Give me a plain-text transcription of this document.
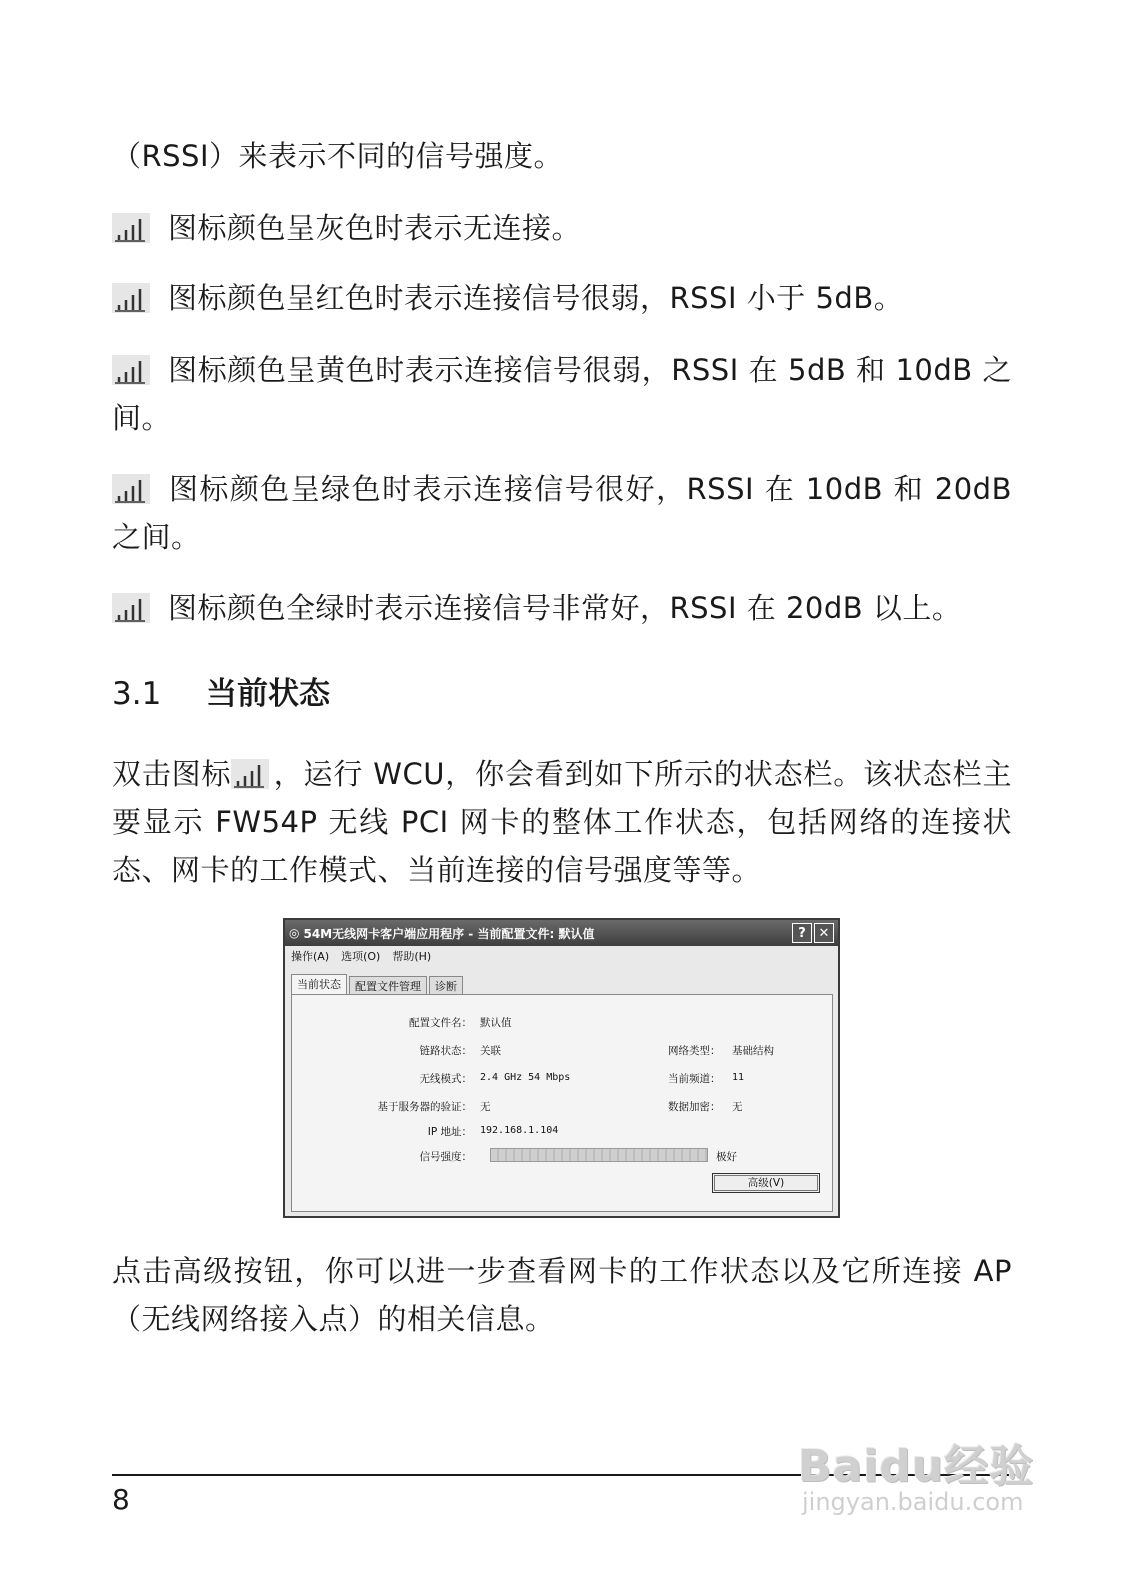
（RSSI）来表示不同的信号强度。

图标颜色呈灰色时表示无连接。

图标颜色呈红色时表示连接信号很弱，RSSI 小于 5dB。

图标颜色呈黄色时表示连接信号很弱，RSSI 在 5dB 和 10dB 之间。

图标颜色呈绿色时表示连接信号很好，RSSI 在 10dB 和 20dB 之间。

图标颜色全绿时表示连接信号非常好，RSSI 在 20dB 以上。

3.1 当前状态

双击图标 ，运行 WCU，你会看到如下所示的状态栏。该状态栏主要显示 FW54P 无线 PCI 网卡的整体工作状态，包括网络的连接状态、网卡的工作模式、当前连接的信号强度等等。

◎ 54M无线网卡客户端应用程序 - 当前配置文件: 默认值	? ✕
操作(A) 选项(O) 帮助(H)
当前状态	配置文件管理	诊断
配置文件名： 默认值
链路状态： 关联	网络类型： 基础结构
无线模式： 2.4 GHz 54 Mbps	当前频道： 11
基于服务器的验证： 无	数据加密： 无
IP 地址： 192.168.1.104
信号强度：	极好
高级(V)

点击高级按钮，你可以进一步查看网卡的工作状态以及它所连接 AP（无线网络接入点）的相关信息。

8
Baidu经验
jingyan.baidu.com
